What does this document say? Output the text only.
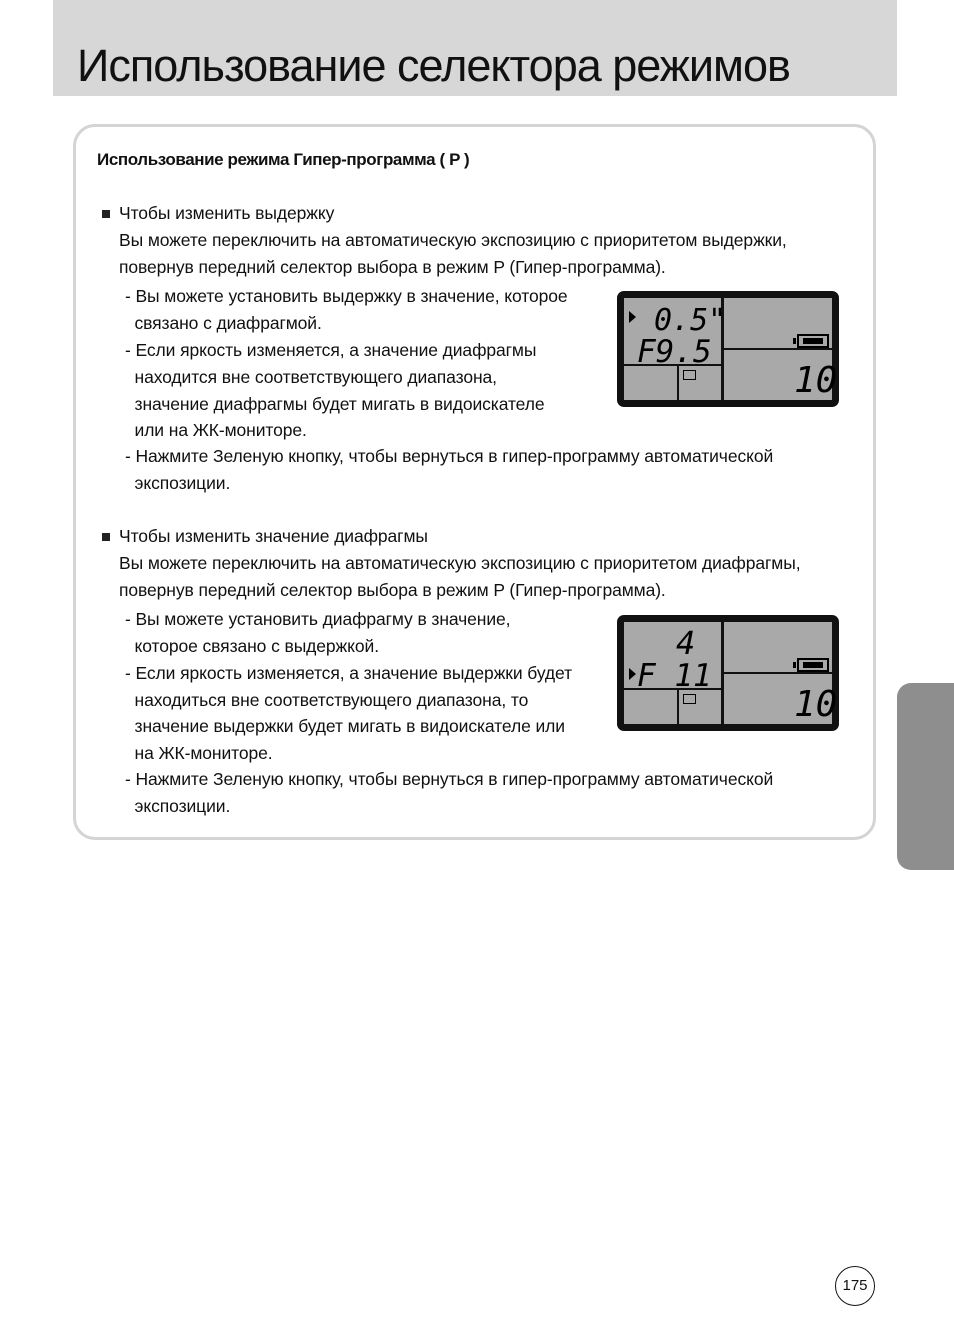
Использование селектора режимов
Использование режима Гипер-программа ( P )
Чтобы изменить выдержку
Вы можете переключить на автоматическую экспозицию с приоритетом выдержки,
повернув передний селектор выбора в режим P (Гипер-программа).
- Вы можете установить выдержку в значение, которое
связано с диафрагмой.
- Если яркость изменяется, а значение диафрагмы
находится вне соответствующего диапазона,
значение диафрагмы будет мигать в видоискателе
или на ЖК-мониторе.
- Нажмите Зеленую кнопку, чтобы вернуться в гипер-программу автоматической
экспозиции.
0.5"
F9.5
10
Чтобы изменить значение диафрагмы
Вы можете переключить на автоматическую экспозицию с приоритетом диафрагмы,
повернув передний селектор выбора в режим P (Гипер-программа).
- Вы можете установить диафрагму в значение,
которое связано с выдержкой.
- Если яркость изменяется, а значение выдержки будет
находиться вне соответствующего диапазона, то
значение выдержки будет мигать в видоискателе или
на ЖК-мониторе.
- Нажмите Зеленую кнопку, чтобы вернуться в гипер-программу автоматической
экспозиции.
4
F 11
10
175
